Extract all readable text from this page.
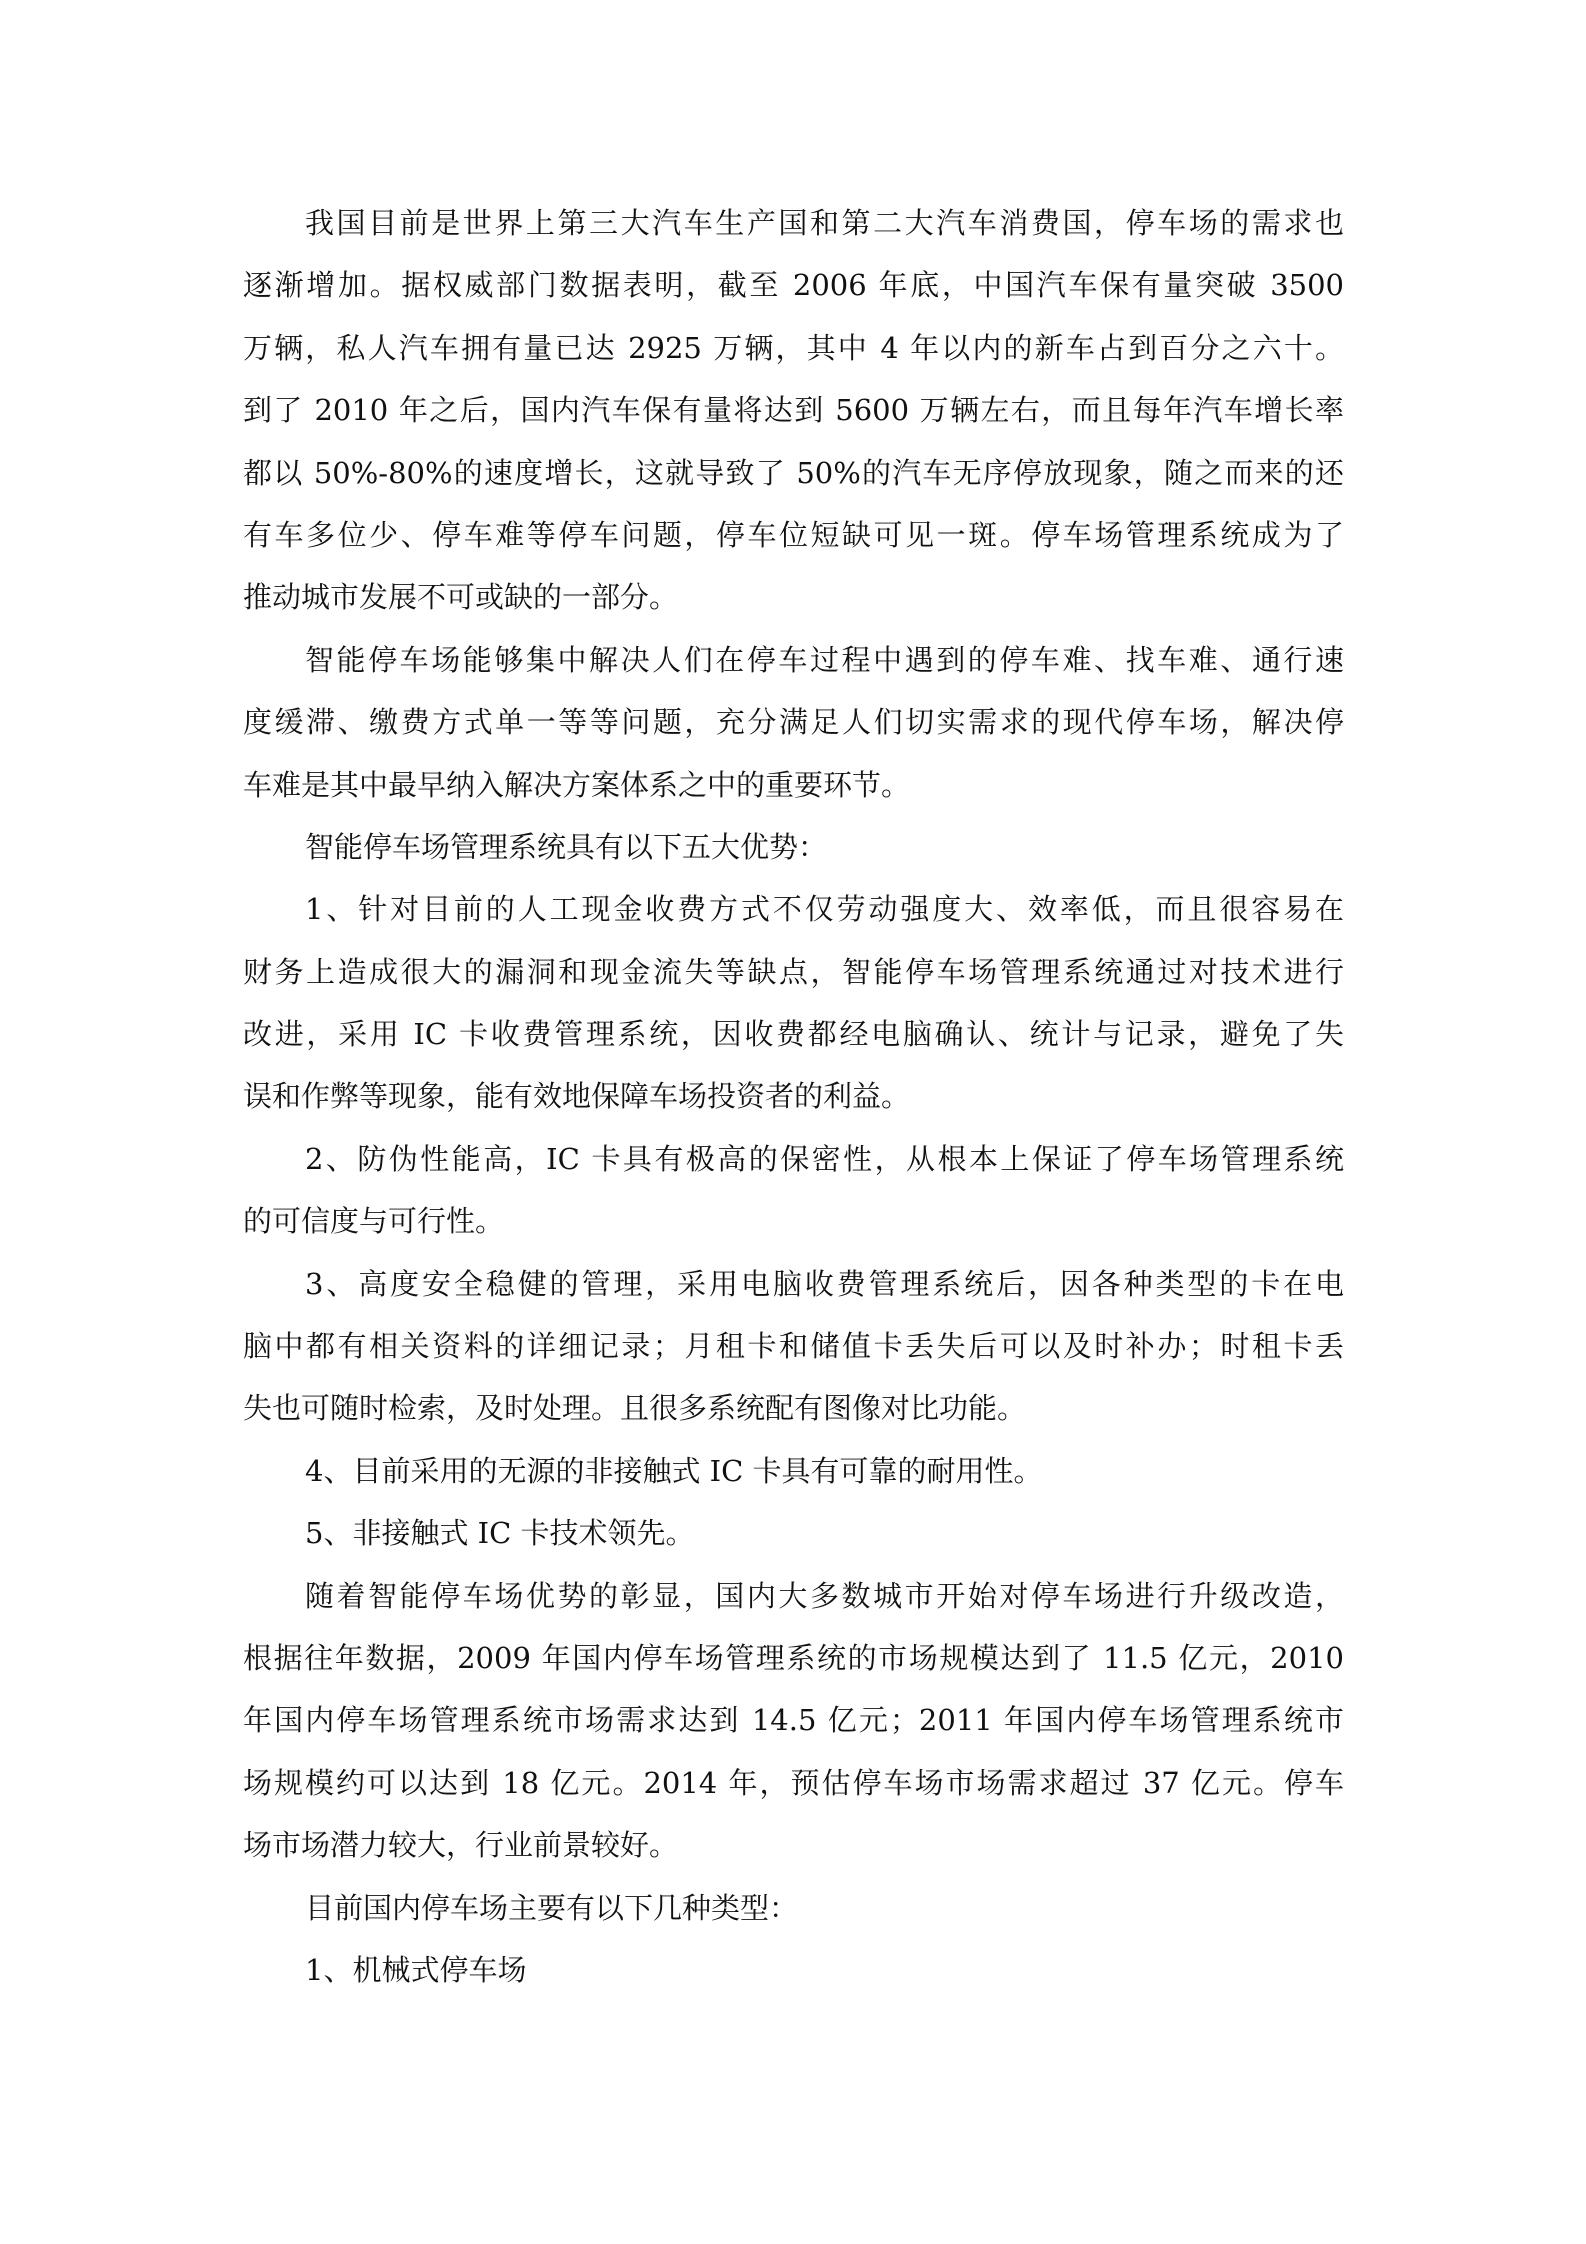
我国目前是世界上第三大汽车生产国和第二大汽车消费国，停车场的需求也
逐渐增加。据权威部门数据表明，截至 2006 年底，中国汽车保有量突破 3500
万辆，私人汽车拥有量已达 2925 万辆，其中 4 年以内的新车占到百分之六十。
到了 2010 年之后，国内汽车保有量将达到 5600 万辆左右，而且每年汽车增长率
都以 50%-80%的速度增长，这就导致了 50%的汽车无序停放现象，随之而来的还
有车多位少、停车难等停车问题，停车位短缺可见一斑。停车场管理系统成为了
推动城市发展不可或缺的一部分。
智能停车场能够集中解决人们在停车过程中遇到的停车难、找车难、通行速
度缓滞、缴费方式单一等等问题，充分满足人们切实需求的现代停车场，解决停
车难是其中最早纳入解决方案体系之中的重要环节。
智能停车场管理系统具有以下五大优势：
1、针对目前的人工现金收费方式不仅劳动强度大、效率低，而且很容易在
财务上造成很大的漏洞和现金流失等缺点，智能停车场管理系统通过对技术进行
改进，采用 IC 卡收费管理系统，因收费都经电脑确认、统计与记录，避免了失
误和作弊等现象，能有效地保障车场投资者的利益。
2、防伪性能高，IC 卡具有极高的保密性，从根本上保证了停车场管理系统
的可信度与可行性。
3、高度安全稳健的管理，采用电脑收费管理系统后，因各种类型的卡在电
脑中都有相关资料的详细记录；月租卡和储值卡丢失后可以及时补办；时租卡丢
失也可随时检索，及时处理。且很多系统配有图像对比功能。
4、目前采用的无源的非接触式 IC 卡具有可靠的耐用性。
5、非接触式 IC 卡技术领先。
随着智能停车场优势的彰显，国内大多数城市开始对停车场进行升级改造，
根据往年数据，2009 年国内停车场管理系统的市场规模达到了 11.5 亿元，2010
年国内停车场管理系统市场需求达到 14.5 亿元；2011 年国内停车场管理系统市
场规模约可以达到 18 亿元。2014 年，预估停车场市场需求超过 37 亿元。停车
场市场潜力较大，行业前景较好。
目前国内停车场主要有以下几种类型：
1、机械式停车场
